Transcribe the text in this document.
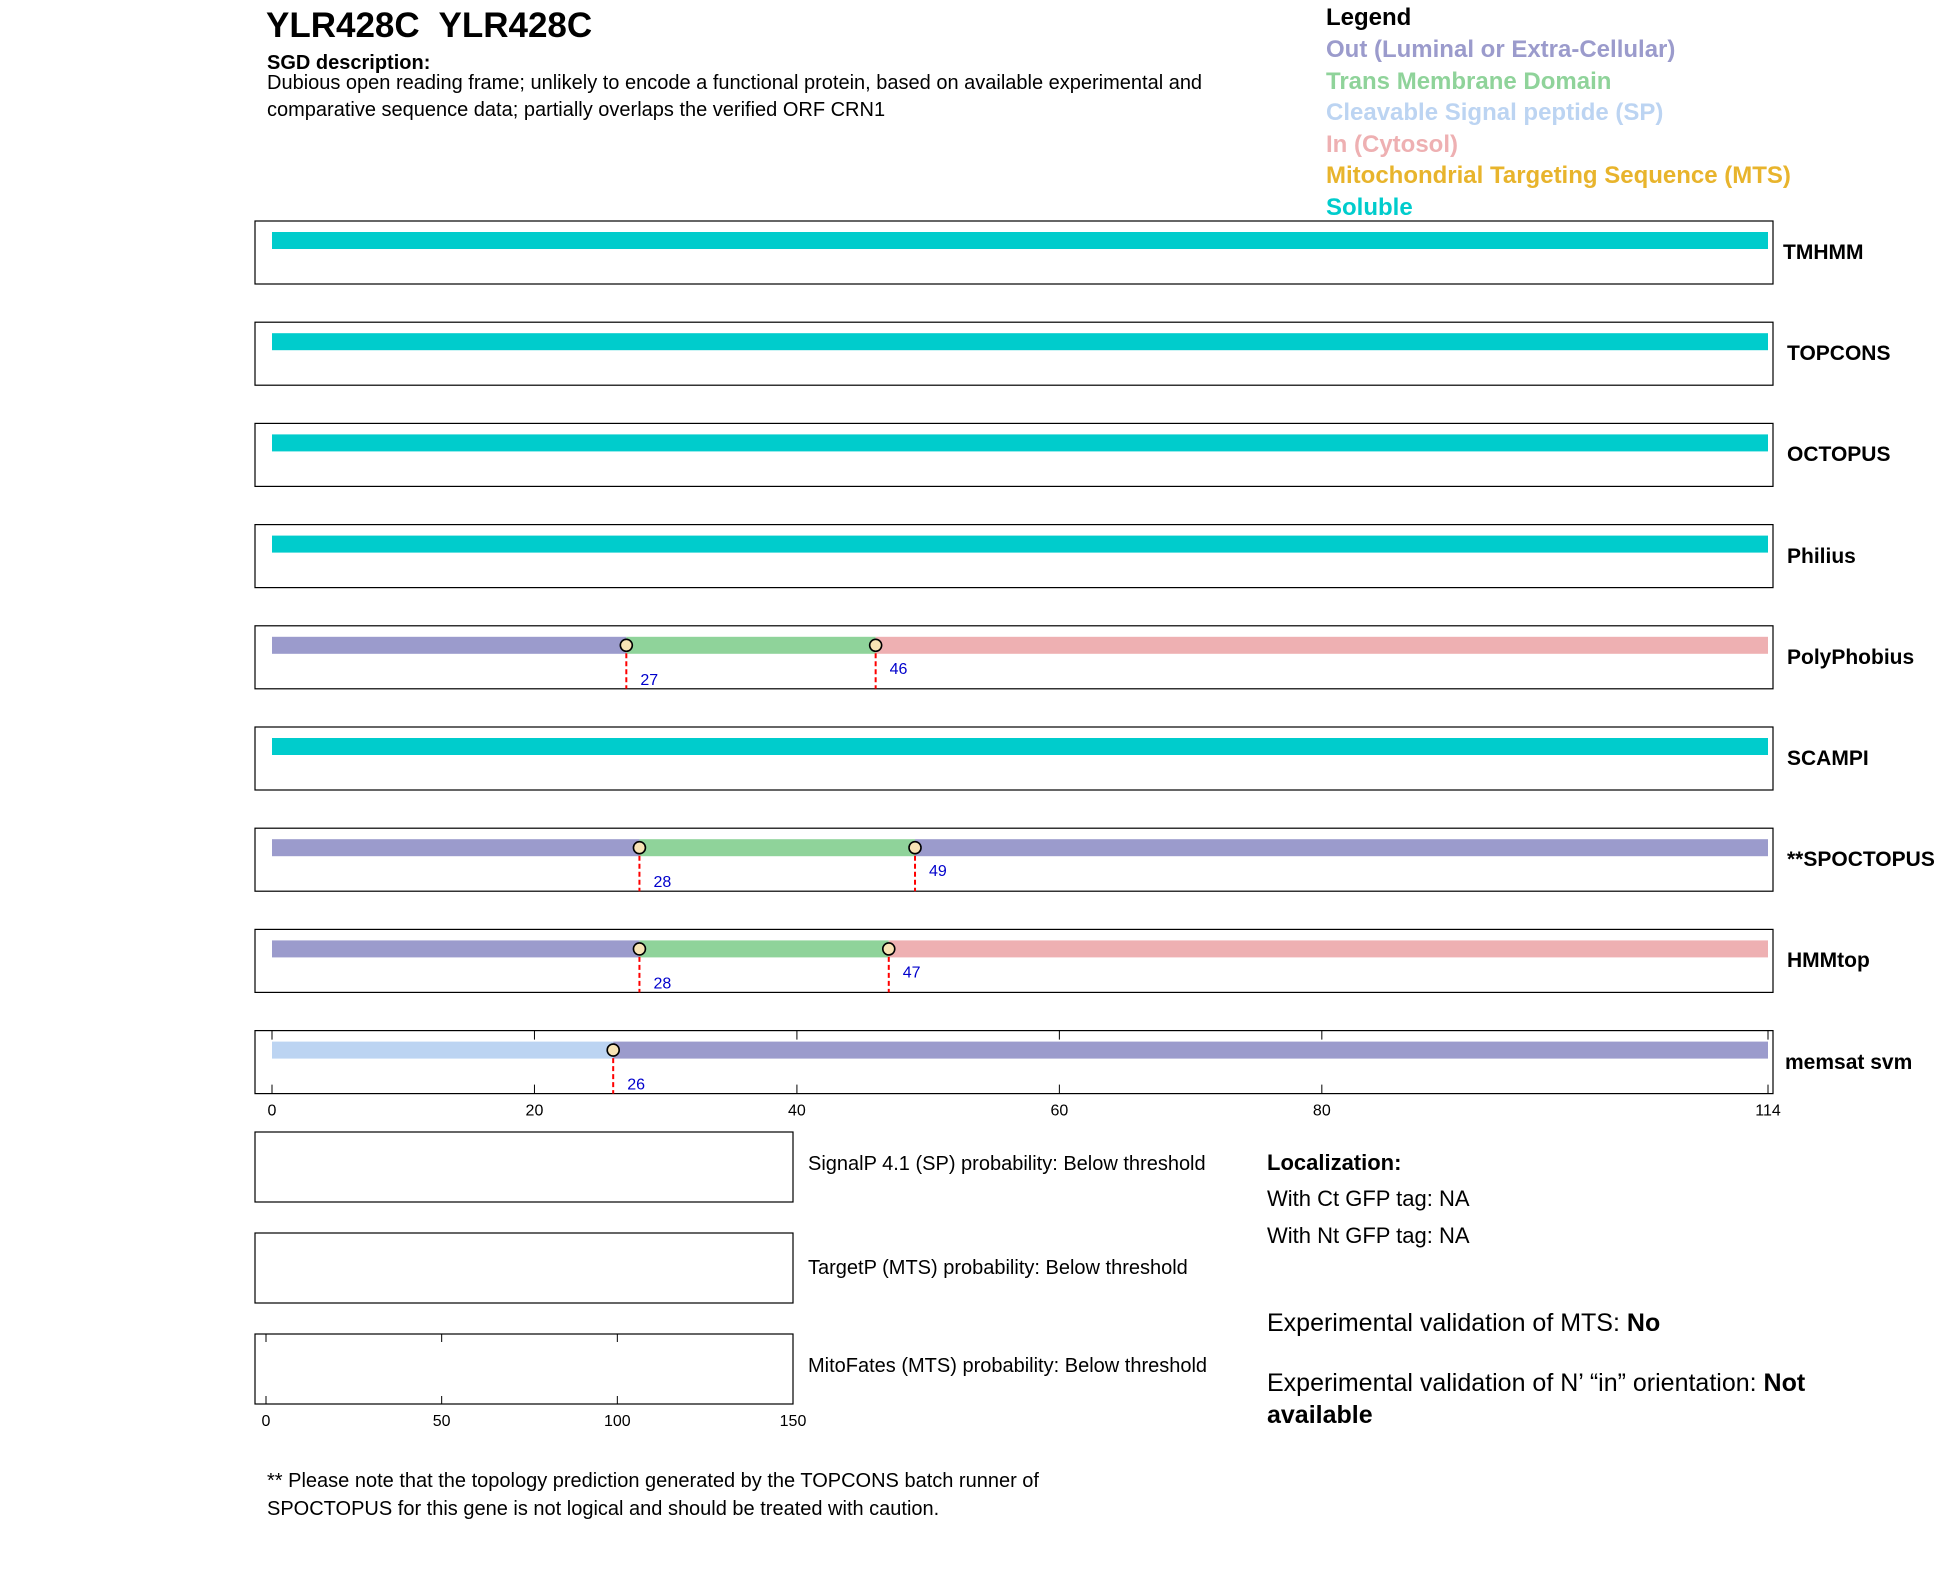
YLR428C  YLR428C
SGD description:
Dubious open reading frame; unlikely to encode a functional protein, based on available experimental and comparative sequence data; partially overlaps the verified ORF CRN1
Legend
Out (Luminal or Extra-Cellular)
Trans Membrane Domain
Cleavable Signal peptide (SP)
In (Cytosol)
Mitochondrial Targeting Sequence (MTS)
Soluble
27
46
28
49
28
47
26
0	20	40	60	80	114
0	50	100	150
TMHMM
TOPCONS
OCTOPUS
Philius
PolyPhobius
SCAMPI
**SPOCTOPUS
HMMtop
memsat svm
SignalP 4.1 (SP) probability: Below threshold
TargetP (MTS) probability: Below threshold
MitoFates (MTS) probability: Below threshold
Localization:
With Ct GFP tag: NA
With Nt GFP tag: NA
Experimental validation of MTS: No
Experimental validation of N’ “in” orientation: Not available
** Please note that the topology prediction generated by the TOPCONS batch runner of SPOCTOPUS for this gene is not logical and should be treated with caution.
